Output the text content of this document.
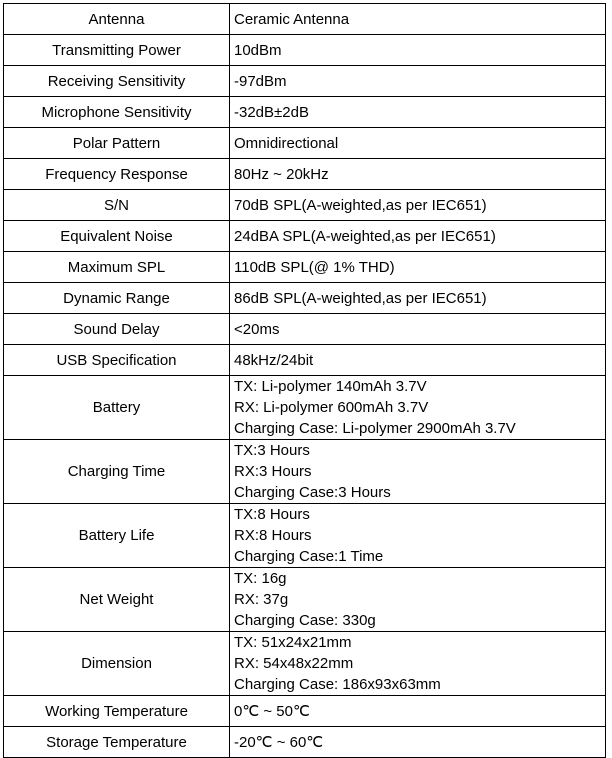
Antenna	Ceramic Antenna

Transmitting Power	10dBm

Receiving Sensitivity	-97dBm

Microphone Sensitivity	-32dB±2dB

Polar Pattern	Omnidirectional

Frequency Response	80Hz ~ 20kHz

S/N	70dB SPL(A-weighted,as per IEC651)

Equivalent Noise	24dBA SPL(A-weighted,as per IEC651)

Maximum SPL	110dB SPL(@ 1% THD)

Dynamic Range	86dB SPL(A-weighted,as per IEC651)

Sound Delay	<20ms

USB Specification	48kHz/24bit

Battery	TX: Li-polymer 140mAh 3.7V
RX: Li-polymer 600mAh 3.7V
Charging Case: Li-polymer 2900mAh 3.7V

Charging Time	TX:3 Hours
RX:3 Hours
Charging Case:3 Hours

Battery Life	TX:8 Hours
RX:8 Hours
Charging Case:1 Time

Net Weight	TX: 16g
RX: 37g
Charging Case: 330g

Dimension	TX: 51x24x21mm
RX: 54x48x22mm
Charging Case: 186x93x63mm

Working Temperature	0℃ ~ 50℃

Storage Temperature	-20℃ ~ 60℃
